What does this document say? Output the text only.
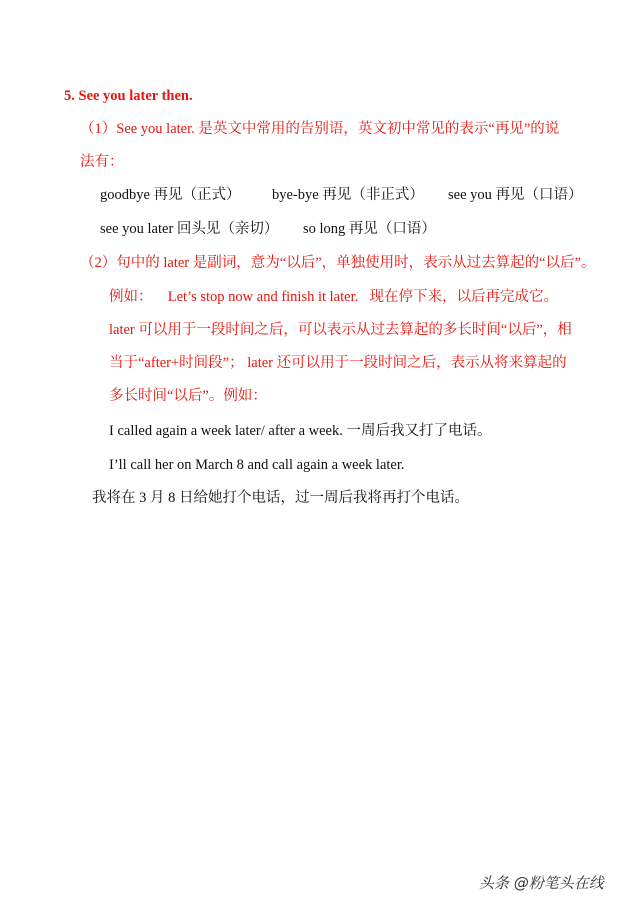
5. See you later then.
（1）See you later. 是英文中常用的告别语，英文初中常见的表示“再见”的说
法有：
goodbye 再见（正式） bye-bye 再见（非正式） see you 再见（口语）
see you later 回头见（亲切） so long 再见（口语）
（2）句中的 later 是副词，意为“以后”，单独使用时，表示从过去算起的“以后”。
例如： Let’s stop now and finish it later. 现在停下来，以后再完成它。
later 可以用于一段时间之后，可以表示从过去算起的多长时间“以后”，相
当于“after+时间段”； later 还可以用于一段时间之后，表示从将来算起的
多长时间“以后”。例如：
I called again a week later/ after a week. 一周后我又打了电话。
I’ll call her on March 8 and call again a week later.
我将在 3 月 8 日给她打个电话，过一周后我将再打个电话。
头条 @粉笔头在线
